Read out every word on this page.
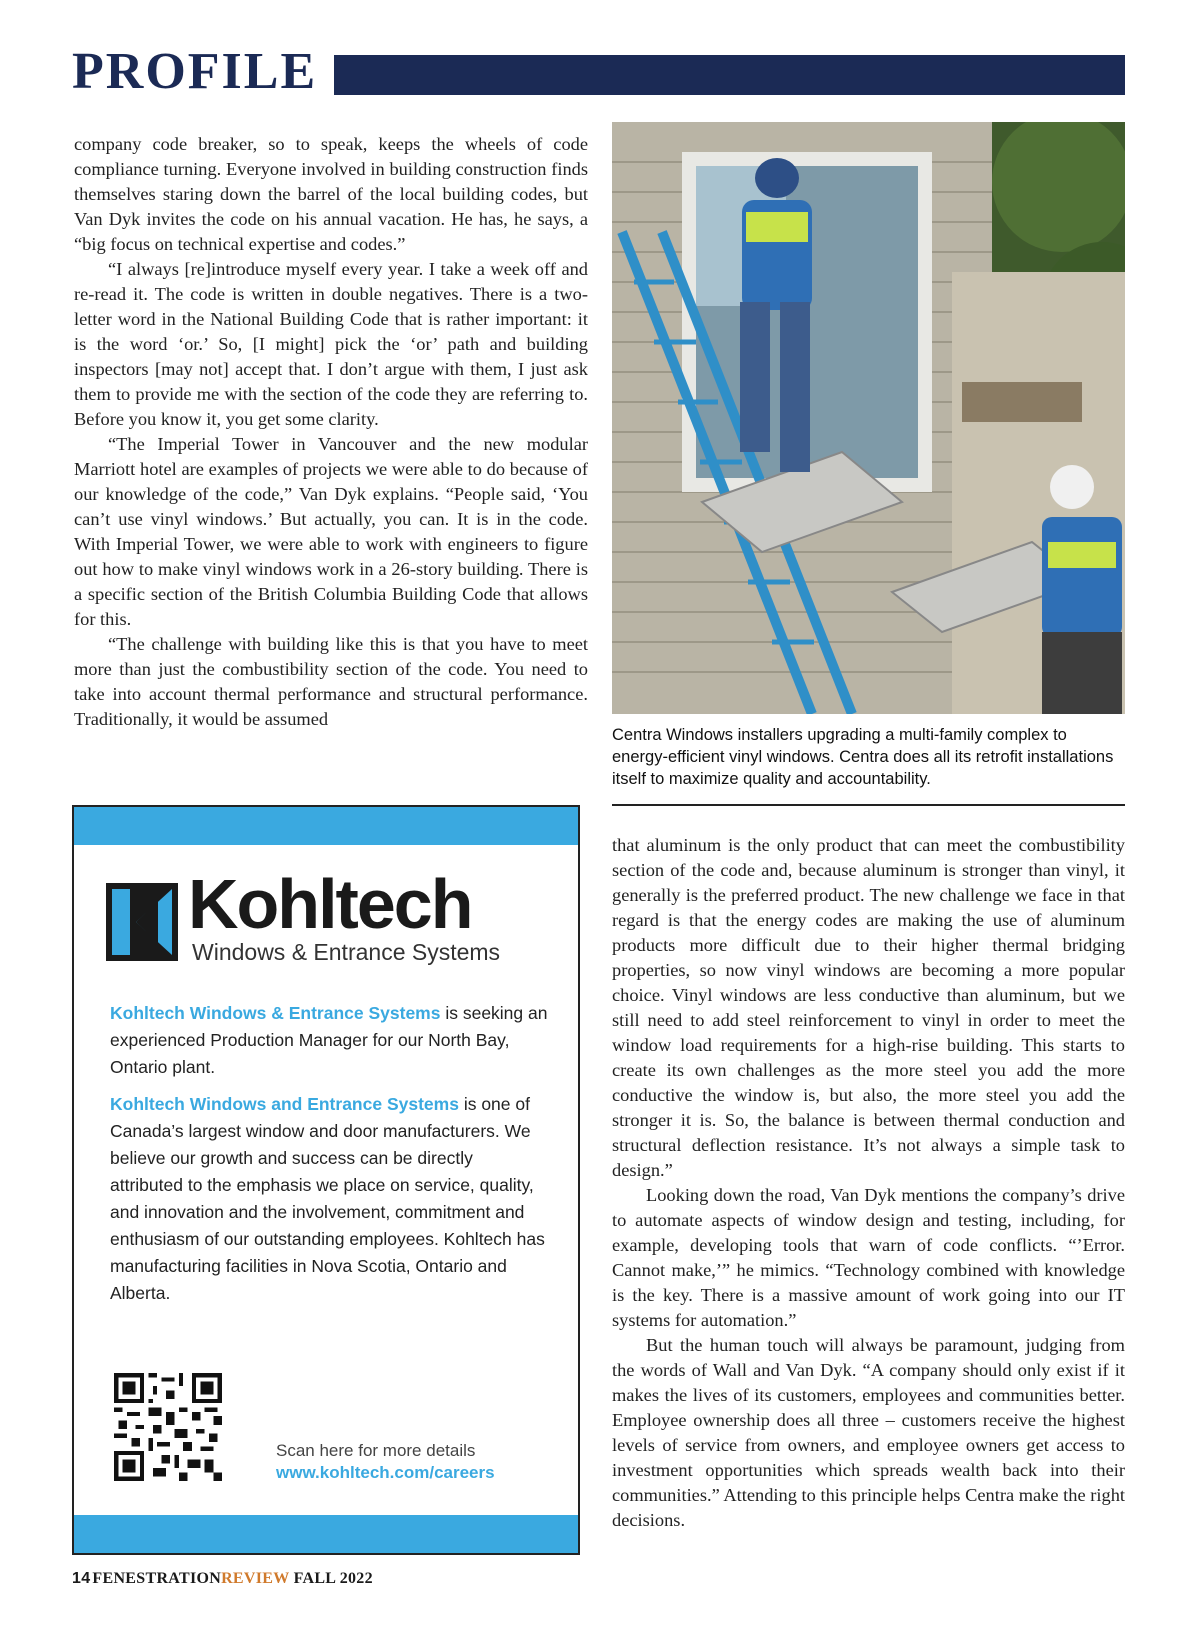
PROFILE

company code breaker, so to speak, keeps the wheels of code compliance turning. Everyone involved in building construction finds themselves staring down the barrel of the local building codes, but Van Dyk invites the code on his annual vacation. He has, he says, a “big focus on technical expertise and codes.”

“I always [re]introduce myself every year. I take a week off and re-read it. The code is written in double negatives. There is a two-letter word in the National Building Code that is rather important: it is the word ‘or.’ So, [I might] pick the ‘or’ path and building inspectors [may not] accept that. I don’t argue with them, I just ask them to provide me with the section of the code they are referring to. Before you know it, you get some clarity.

“The Imperial Tower in Vancouver and the new modular Marriott hotel are examples of projects we were able to do because of our knowledge of the code,” Van Dyk explains. “People said, ‘You can’t use vinyl windows.’ But actually, you can. It is in the code. With Imperial Tower, we were able to work with engineers to figure out how to make vinyl windows work in a 26-story building. There is a specific section of the British Columbia Building Code that allows for this.

“The challenge with building like this is that you have to meet more than just the combustibility section of the code. You need to take into account thermal performance and structural performance. Traditionally, it would be assumed

Centra Windows installers upgrading a multi-family complex to energy-efficient vinyl windows. Centra does all its retrofit installations itself to maximize quality and accountability.

that aluminum is the only product that can meet the combustibility section of the code and, because aluminum is stronger than vinyl, it generally is the preferred product. The new challenge we face in that regard is that the energy codes are making the use of aluminum products more difficult due to their higher thermal bridging properties, so now vinyl windows are becoming a more popular choice. Vinyl windows are less conductive than aluminum, but we still need to add steel reinforcement to vinyl in order to meet the window load requirements for a high-rise building. This starts to create its own challenges as the more steel you add the more conductive the window is, but also, the more steel you add the stronger it is. So, the balance is between thermal conduction and structural deflection resistance. It’s not always a simple task to design.”

Looking down the road, Van Dyk mentions the company’s drive to automate aspects of window design and testing, including, for example, developing tools that warn of code conflicts. “’Error. Cannot make,’” he mimics. “Technology combined with knowledge is the key. There is a massive amount of work going into our IT systems for automation.”

But the human touch will always be paramount, judging from the words of Wall and Van Dyk. “A company should only exist if it makes the lives of its customers, employees and communities better. Employee ownership does all three – customers receive the highest levels of service from owners, and employee owners get access to investment opportunities which spreads wealth back into their communities.” Attending to this principle helps Centra make the right decisions.

Kohltech
Windows & Entrance Systems

Kohltech Windows & Entrance Systems is seeking an experienced Production Manager for our North Bay, Ontario plant.

Kohltech Windows and Entrance Systems is one of Canada’s largest window and door manufacturers. We believe our growth and success can be directly attributed to the emphasis we place on service, quality, and innovation and the involvement, commitment and enthusiasm of our outstanding employees. Kohltech has manufacturing facilities in Nova Scotia, Ontario and Alberta.

Scan here for more details
www.kohltech.com/careers
14 FENESTRATIONREVIEW FALL 2022
